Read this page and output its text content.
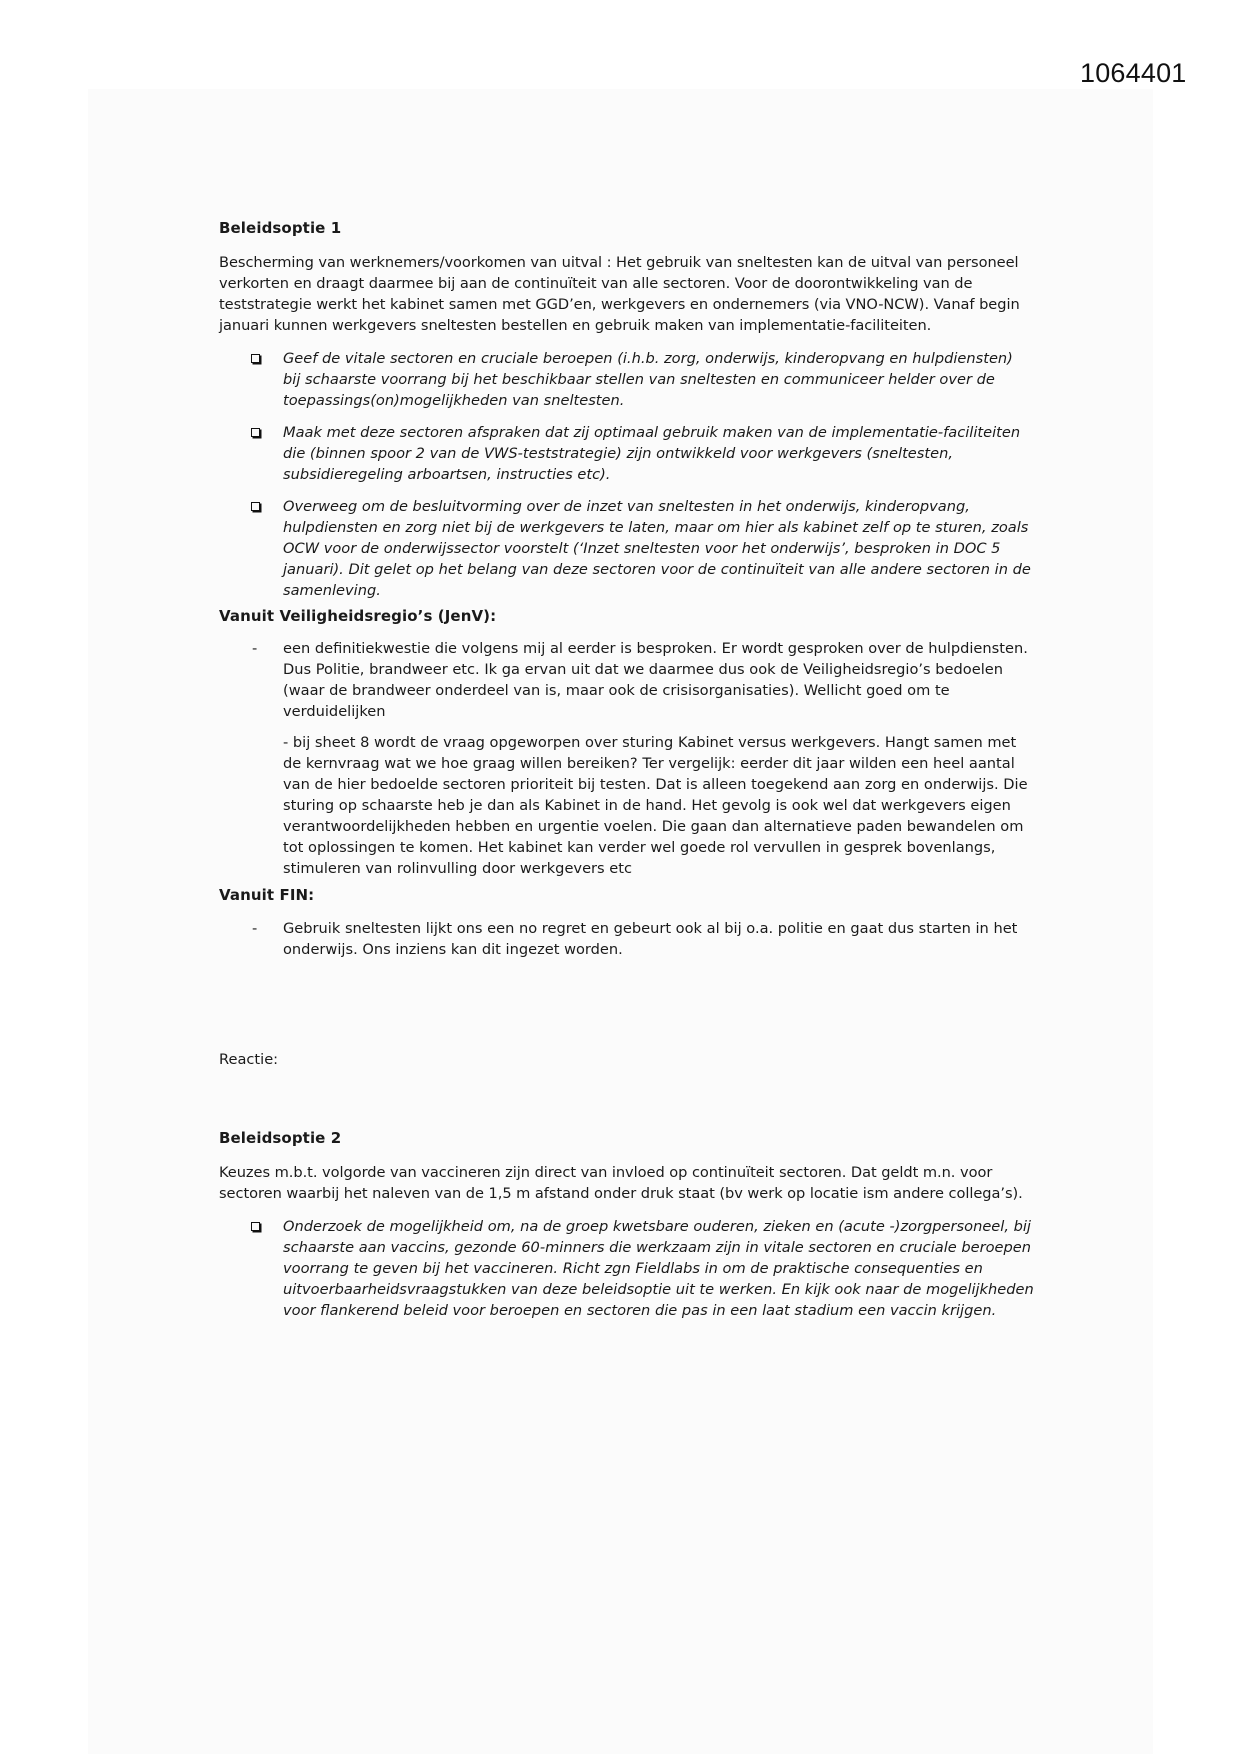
1064401
Beleidsoptie 1

Bescherming van werknemers/voorkomen van uitval : Het gebruik van sneltesten kan de uitval van personeel verkorten en draagt daarmee bij aan de continuïteit van alle sectoren. Voor de doorontwikkeling van de teststrategie werkt het kabinet samen met GGD’en, werkgevers en ondernemers (via VNO-NCW). Vanaf begin januari kunnen werkgevers sneltesten bestellen en gebruik maken van implementatie-faciliteiten.

Geef de vitale sectoren en cruciale beroepen (i.h.b. zorg, onderwijs, kinderopvang en hulpdiensten) bij schaarste voorrang bij het beschikbaar stellen van sneltesten en communiceer helder over de toepassings(on)mogelijkheden van sneltesten.
Maak met deze sectoren afspraken dat zij optimaal gebruik maken van de implementatie-faciliteiten die (binnen spoor 2 van de VWS-teststrategie) zijn ontwikkeld voor werkgevers (sneltesten, subsidieregeling arboartsen, instructies etc).
Overweeg om de besluitvorming over de inzet van sneltesten in het onderwijs, kinderopvang, hulpdiensten en zorg niet bij de werkgevers te laten, maar om hier als kabinet zelf op te sturen, zoals OCW voor de onderwijssector voorstelt (‘Inzet sneltesten voor het onderwijs’, besproken in DOC 5 januari). Dit gelet op het belang van deze sectoren voor de continuïteit van alle andere sectoren in de samenleving.
Vanuit Veiligheidsregio’s (JenV):
- een definitiekwestie die volgens mij al eerder is besproken. Er wordt gesproken over de hulpdiensten. Dus Politie, brandweer etc. Ik ga ervan uit dat we daarmee dus ook de Veiligheidsregio’s bedoelen (waar de brandweer onderdeel van is, maar ook de crisisorganisaties). Wellicht goed om te verduidelijken
- bij sheet 8 wordt de vraag opgeworpen over sturing Kabinet versus werkgevers. Hangt samen met de kernvraag wat we hoe graag willen bereiken? Ter vergelijk: eerder dit jaar wilden een heel aantal van de hier bedoelde sectoren prioriteit bij testen. Dat is alleen toegekend aan zorg en onderwijs. Die sturing op schaarste heb je dan als Kabinet in de hand. Het gevolg is ook wel dat werkgevers eigen verantwoordelijkheden hebben en urgentie voelen. Die gaan dan alternatieve paden bewandelen om tot oplossingen te komen. Het kabinet kan verder wel goede rol vervullen in gesprek bovenlangs, stimuleren van rolinvulling door werkgevers etc
Vanuit FIN:
- Gebruik sneltesten lijkt ons een no regret en gebeurt ook al bij o.a. politie en gaat dus starten in het onderwijs. Ons inziens kan dit ingezet worden.

Reactie:

Beleidsoptie 2

Keuzes m.b.t. volgorde van vaccineren zijn direct van invloed op continuïteit sectoren. Dat geldt m.n. voor sectoren waarbij het naleven van de 1,5 m afstand onder druk staat (bv werk op locatie ism andere collega’s).

Onderzoek de mogelijkheid om, na de groep kwetsbare ouderen, zieken en (acute -)zorgpersoneel, bij schaarste aan vaccins, gezonde 60-minners die werkzaam zijn in vitale sectoren en cruciale beroepen voorrang te geven bij het vaccineren. Richt zgn Fieldlabs in om de praktische consequenties en uitvoerbaarheidsvraagstukken van deze beleidsoptie uit te werken. En kijk ook naar de mogelijkheden voor flankerend beleid voor beroepen en sectoren die pas in een laat stadium een vaccin krijgen.
